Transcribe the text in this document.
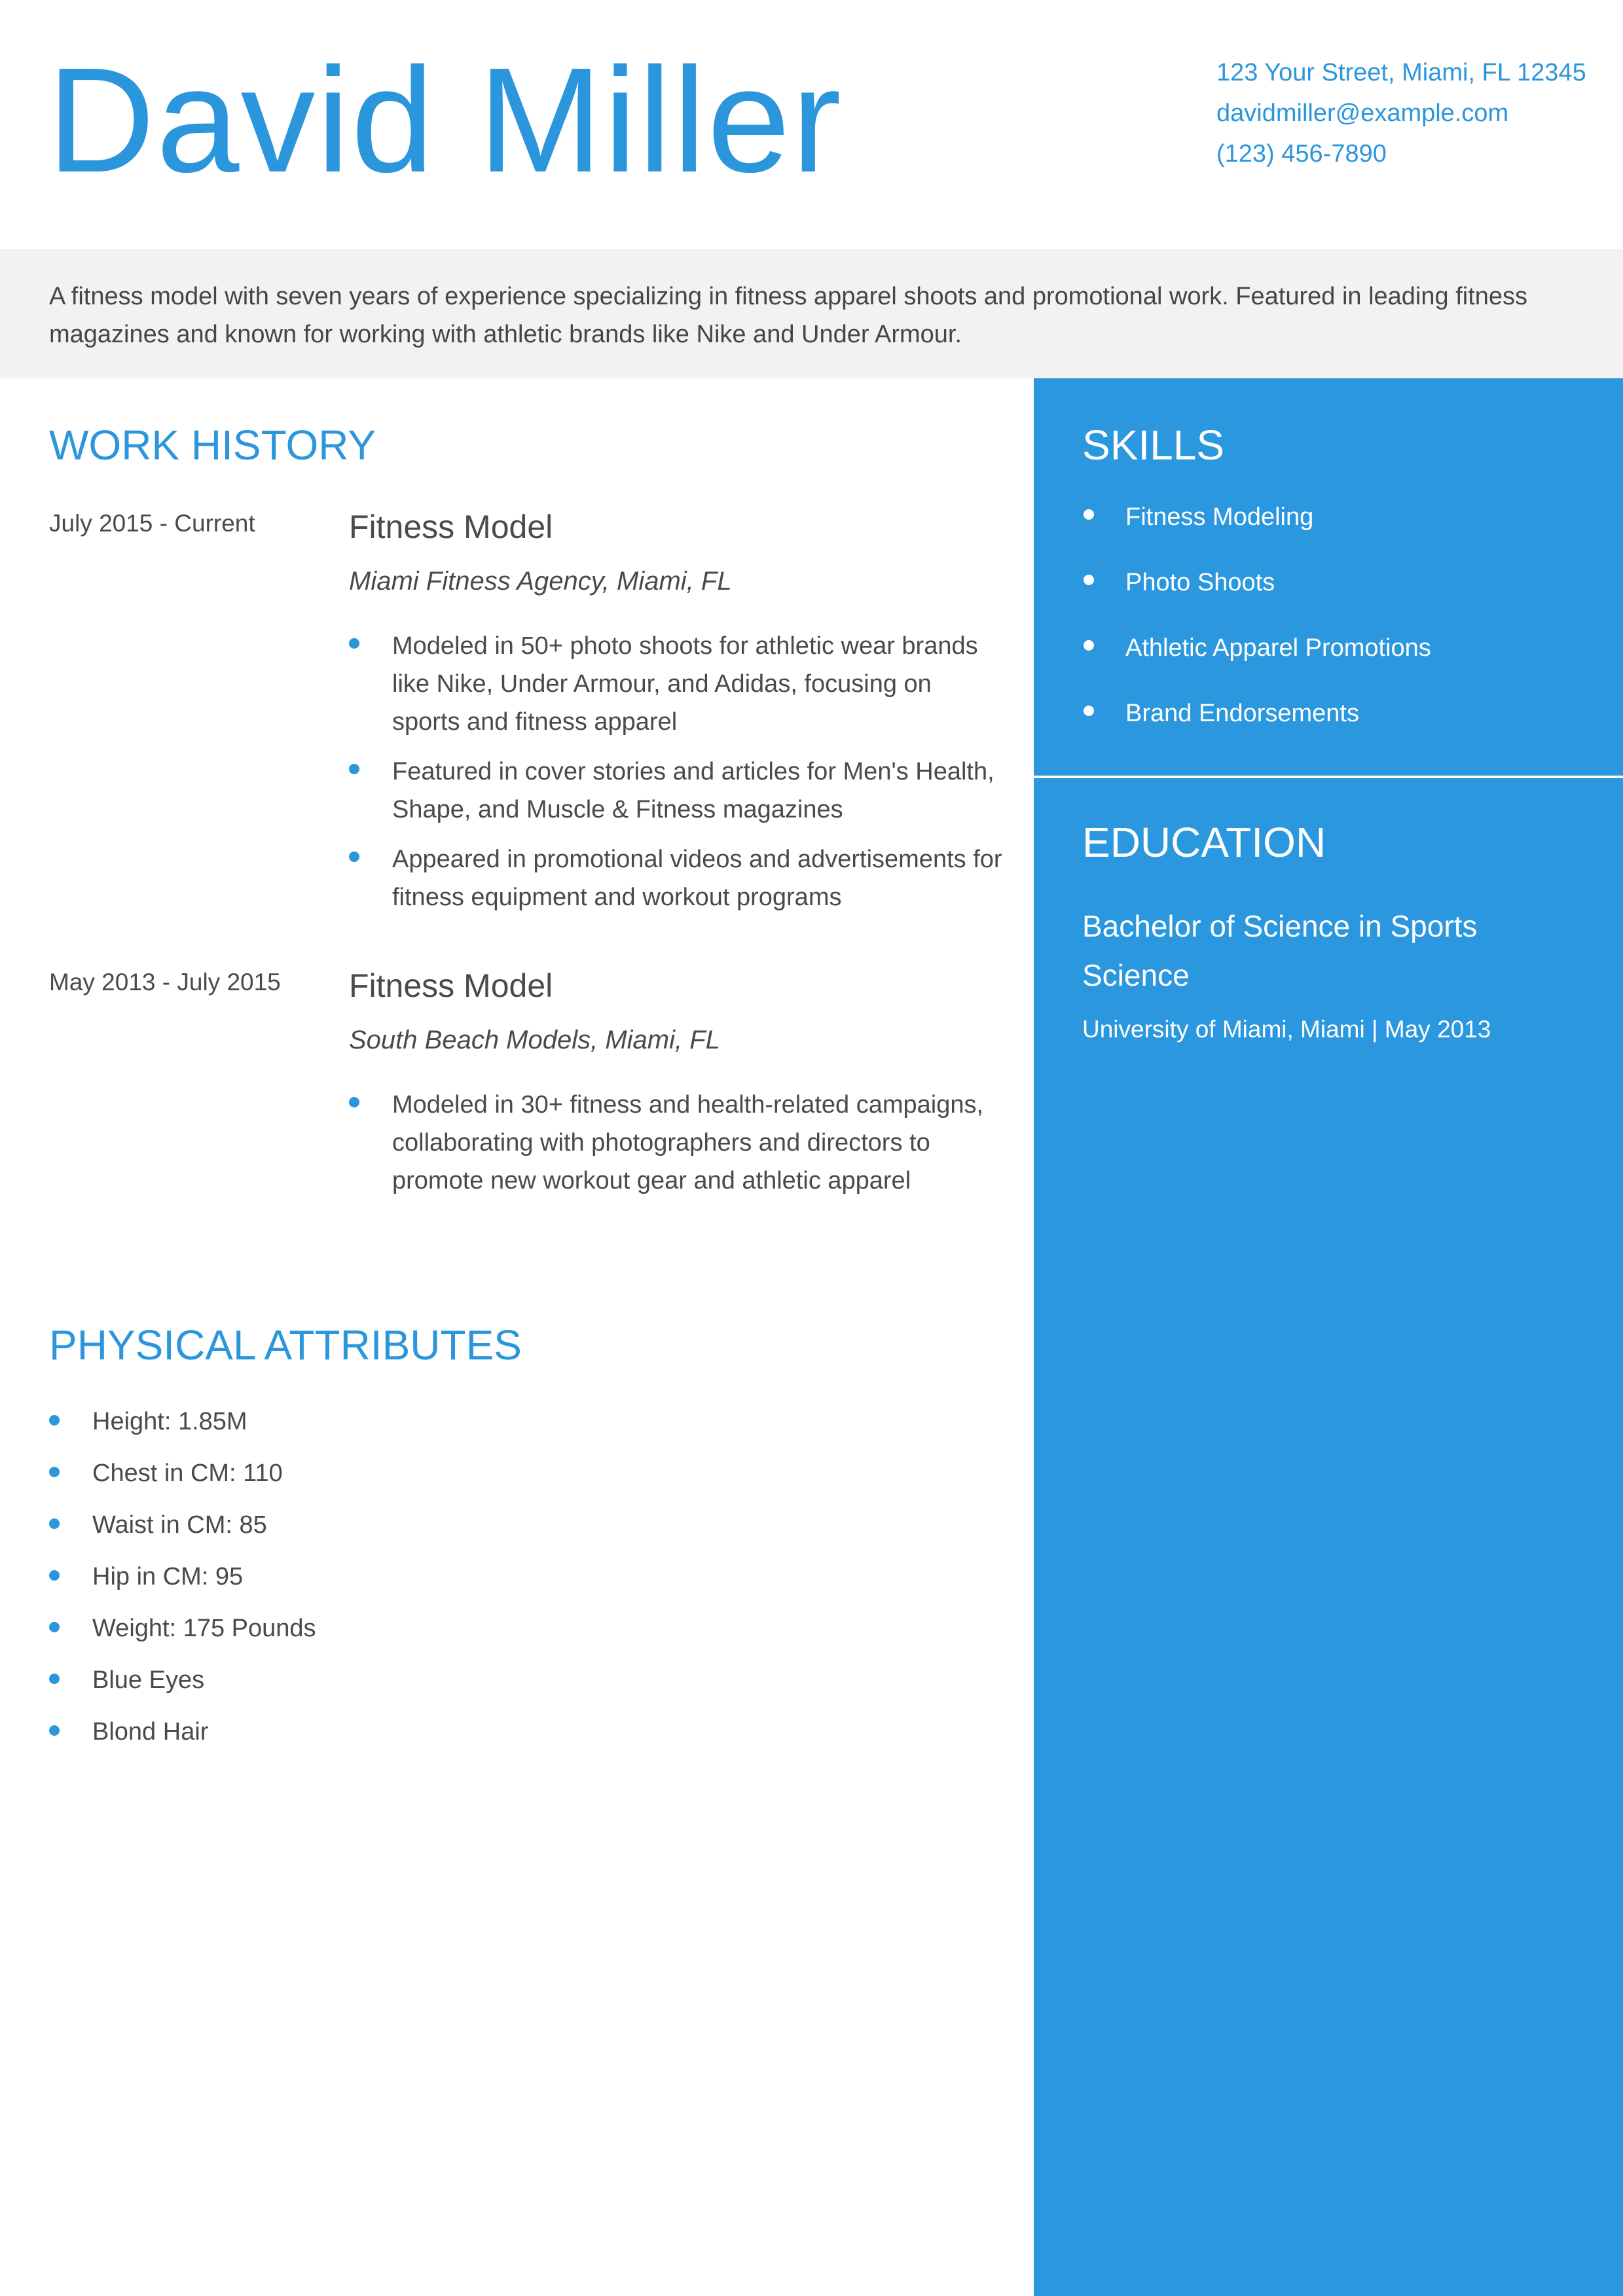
David Miller	123 Your Street, Miami, FL 12345
davidmiller@example.com
(123) 456-7890
A fitness model with seven years of experience specializing in fitness apparel shoots and promotional work. Featured in leading fitness magazines and known for working with athletic brands like Nike and Under Armour.
WORK HISTORY
July 2015 - Current	Fitness Model
Miami Fitness Agency, Miami, FL
Modeled in 50+ photo shoots for athletic wear brands like Nike, Under Armour, and Adidas, focusing on sports and fitness apparel
Featured in cover stories and articles for Men's Health, Shape, and Muscle & Fitness magazines
Appeared in promotional videos and advertisements for fitness equipment and workout programs
May 2013 - July 2015 Fitness Model
South Beach Models, Miami, FL
Modeled in 30+ fitness and health-related campaigns, collaborating with photographers and directors to promote new workout gear and athletic apparel
PHYSICAL ATTRIBUTES
Height: 1.85M
Chest in CM: 110
Waist in CM: 85
Hip in CM: 95
Weight: 175 Pounds
Blue Eyes
Blond Hair
SKILLS
Fitness Modeling
Photo Shoots
Athletic Apparel Promotions
Brand Endorsements
EDUCATION
Bachelor of Science in Sports Science
University of Miami, Miami | May 2013
